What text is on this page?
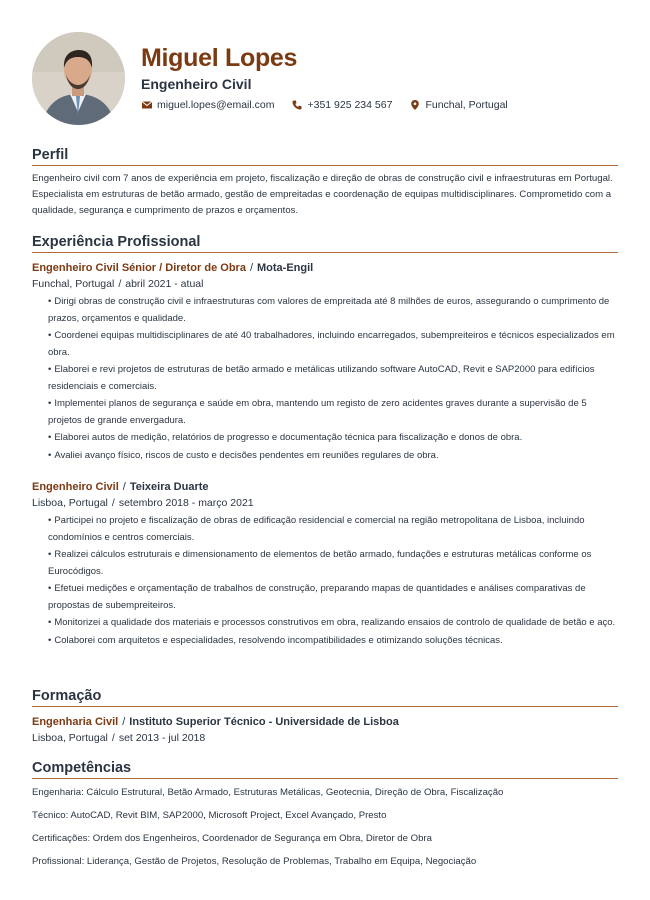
Miguel Lopes
Engenheiro Civil
miguel.lopes@email.com	+351 925 234 567	Funchal, Portugal
Perfil
Engenheiro civil com 7 anos de experiência em projeto, fiscalização e direção de obras de construção civil e infraestruturas em Portugal. Especialista em estruturas de betão armado, gestão de empreitadas e coordenação de equipas multidisciplinares. Comprometido com a qualidade, segurança e cumprimento de prazos e orçamentos.
Experiência Profissional
Engenheiro Civil Sénior / Diretor de Obra / Mota-Engil
Funchal, Portugal / abril 2021 - atual
• Dirigi obras de construção civil e infraestruturas com valores de empreitada até 8 milhões de euros, assegurando o cumprimento de prazos, orçamentos e qualidade.
• Coordenei equipas multidisciplinares de até 40 trabalhadores, incluindo encarregados, subempreiteiros e técnicos especializados em obra.
• Elaborei e revi projetos de estruturas de betão armado e metálicas utilizando software AutoCAD, Revit e SAP2000 para edifícios residenciais e comerciais.
• Implementei planos de segurança e saúde em obra, mantendo um registo de zero acidentes graves durante a supervisão de 5 projetos de grande envergadura.
• Elaborei autos de medição, relatórios de progresso e documentação técnica para fiscalização e donos de obra.
• Avaliei avanço físico, riscos de custo e decisões pendentes em reuniões regulares de obra.
Engenheiro Civil / Teixeira Duarte
Lisboa, Portugal / setembro 2018 - março 2021
• Participei no projeto e fiscalização de obras de edificação residencial e comercial na região metropolitana de Lisboa, incluindo condomínios e centros comerciais.
• Realizei cálculos estruturais e dimensionamento de elementos de betão armado, fundações e estruturas metálicas conforme os Eurocódigos.
• Efetuei medições e orçamentação de trabalhos de construção, preparando mapas de quantidades e análises comparativas de propostas de subempreiteiros.
• Monitorizei a qualidade dos materiais e processos construtivos em obra, realizando ensaios de controlo de qualidade de betão e aço.
• Colaborei com arquitetos e especialidades, resolvendo incompatibilidades e otimizando soluções técnicas.
Formação
Engenharia Civil / Instituto Superior Técnico - Universidade de Lisboa
Lisboa, Portugal / set 2013 - jul 2018
Competências
Engenharia: Cálculo Estrutural, Betão Armado, Estruturas Metálicas, Geotecnia, Direção de Obra, Fiscalização
Técnico: AutoCAD, Revit BIM, SAP2000, Microsoft Project, Excel Avançado, Presto
Certificações: Ordem dos Engenheiros, Coordenador de Segurança em Obra, Diretor de Obra
Profissional: Liderança, Gestão de Projetos, Resolução de Problemas, Trabalho em Equipa, Negociação
